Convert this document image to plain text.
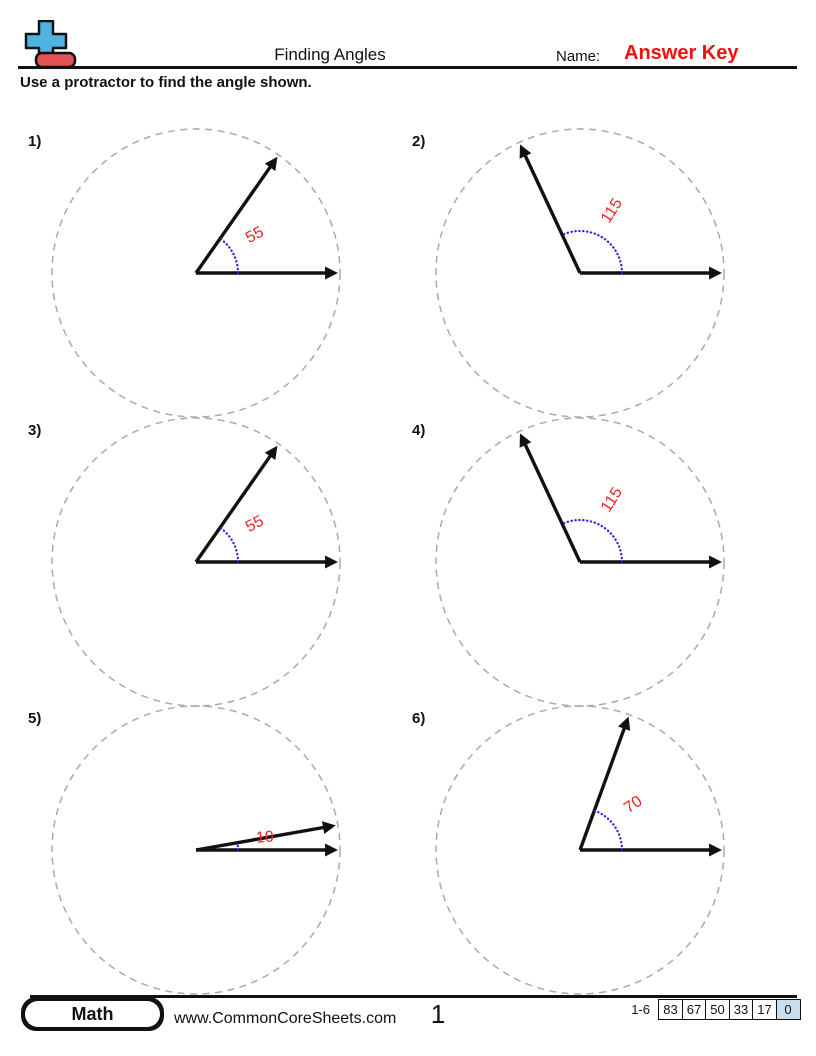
Finding Angles	Name: Answer Key
Use a protractor to find the angle shown.
55
1)
115
2)
55
3)
115
4)
10
5)
70
6)
Math	www.CommonCoreSheets.com	1	1-6	83 67 50 33 17 0
